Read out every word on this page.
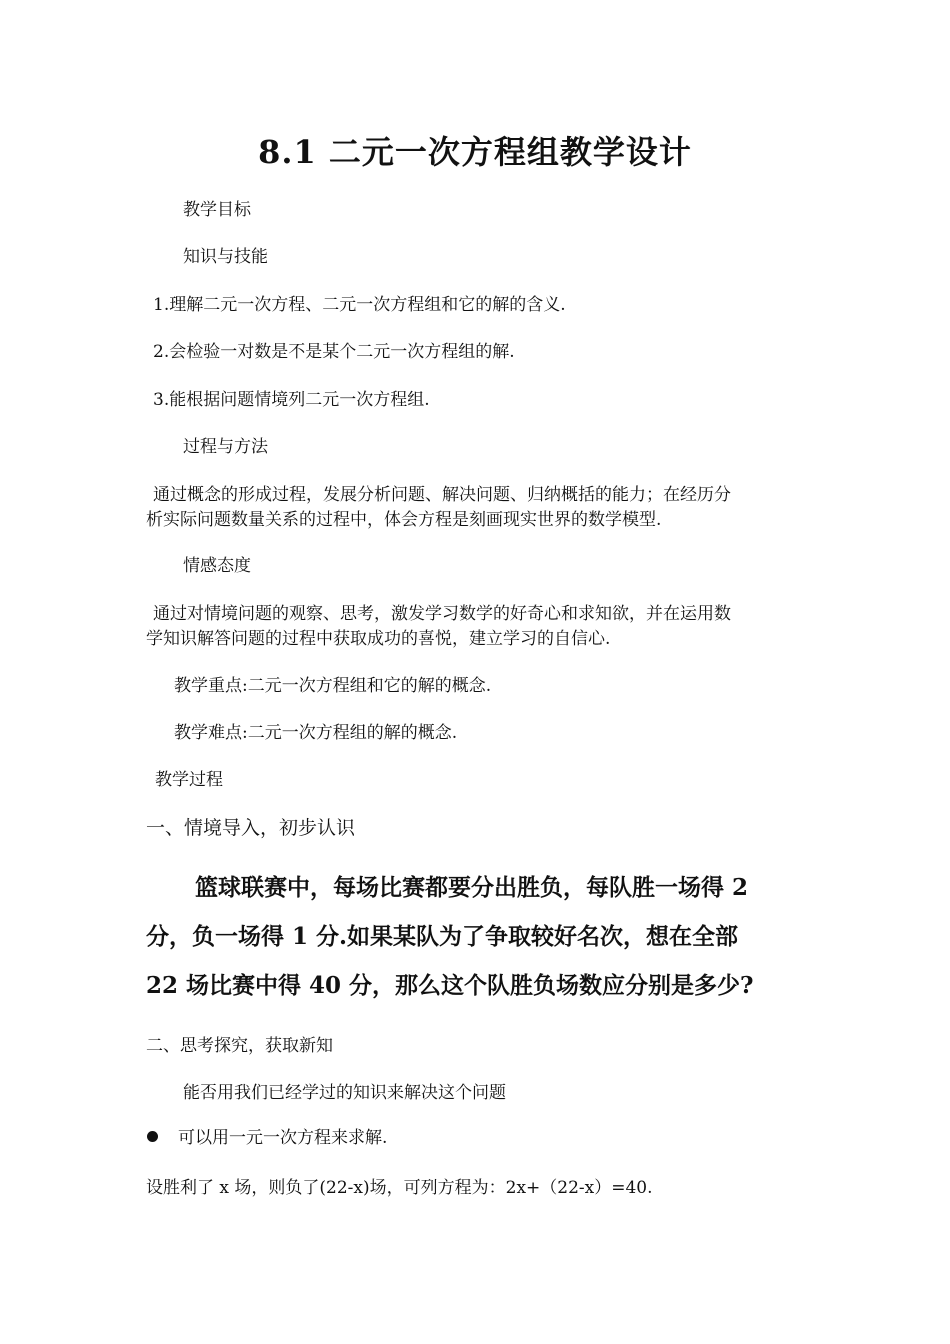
8.1 二元一次方程组教学设计
教学目标
知识与技能
1.理解二元一次方程、二元一次方程组和它的解的含义.
2.会检验一对数是不是某个二元一次方程组的解.
3.能根据问题情境列二元一次方程组.
过程与方法
通过概念的形成过程，发展分析问题、解决问题、归纳概括的能力；在经历分
析实际问题数量关系的过程中，体会方程是刻画现实世界的数学模型.
情感态度
通过对情境问题的观察、思考，激发学习数学的好奇心和求知欲，并在运用数
学知识解答问题的过程中获取成功的喜悦，建立学习的自信心.
教学重点:二元一次方程组和它的解的概念.
教学难点:二元一次方程组的解的概念.
教学过程
一、情境导入，初步认识
篮球联赛中，每场比赛都要分出胜负，每队胜一场得 2
分，负一场得 1 分.如果某队为了争取较好名次，想在全部
22 场比赛中得 40 分，那么这个队胜负场数应分别是多少?
二、思考探究，获取新知
能否用我们已经学过的知识来解决这个问题
可以用一元一次方程来求解.
设胜利了 x 场，则负了(22-x)场，可列方程为：2x+（22-x）=40.
